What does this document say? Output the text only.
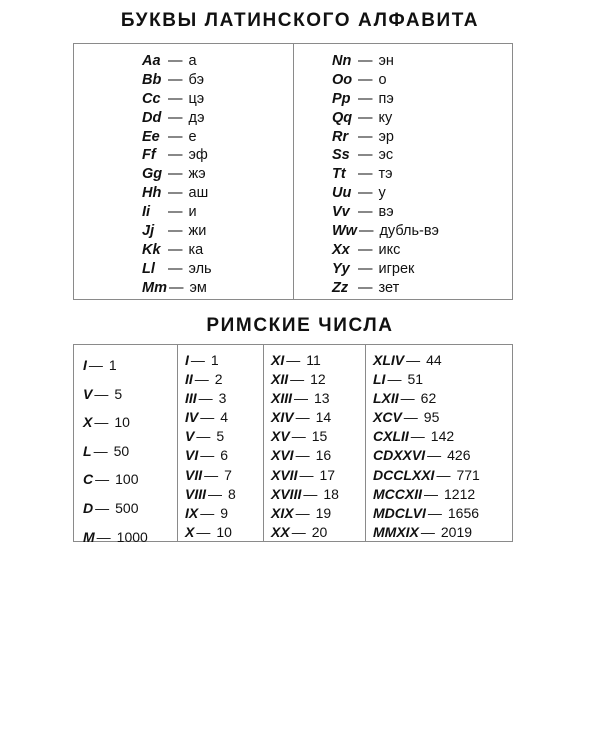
БУКВЫ ЛАТИНСКОГО АЛФАВИТА
Aa — а
Bb — бэ
Cc — цэ
Dd — дэ
Ee — е
Ff — эф
Gg — жэ
Hh — аш
Ii — и
Jj — жи
Kk — ка
Ll — эль
Mm — эм
Nn — эн
Oo — о
Pp — пэ
Qq — ку
Rr — эр
Ss — эс
Tt — тэ
Uu — у
Vv — вэ
Ww — дубль-вэ
Xx — икс
Yy — игрек
Zz — зет
РИМСКИЕ ЧИСЛА
I — 1
V — 5
X — 10
L — 50
C — 100
D — 500
M — 1000
I — 1
II — 2
III — 3
IV — 4
V — 5
VI — 6
VII — 7
VIII — 8
IX — 9
X — 10
XI — 11
XII — 12
XIII — 13
XIV — 14
XV — 15
XVI — 16
XVII — 17
XVIII — 18
XIX — 19
XX — 20
XLIV — 44
LI — 51
LXII — 62
XCV — 95
CXLII — 142
CDXXVI — 426
DCCLXXI — 771
MCCXII — 1212
MDCLVI — 1656
MMXIX — 2019
